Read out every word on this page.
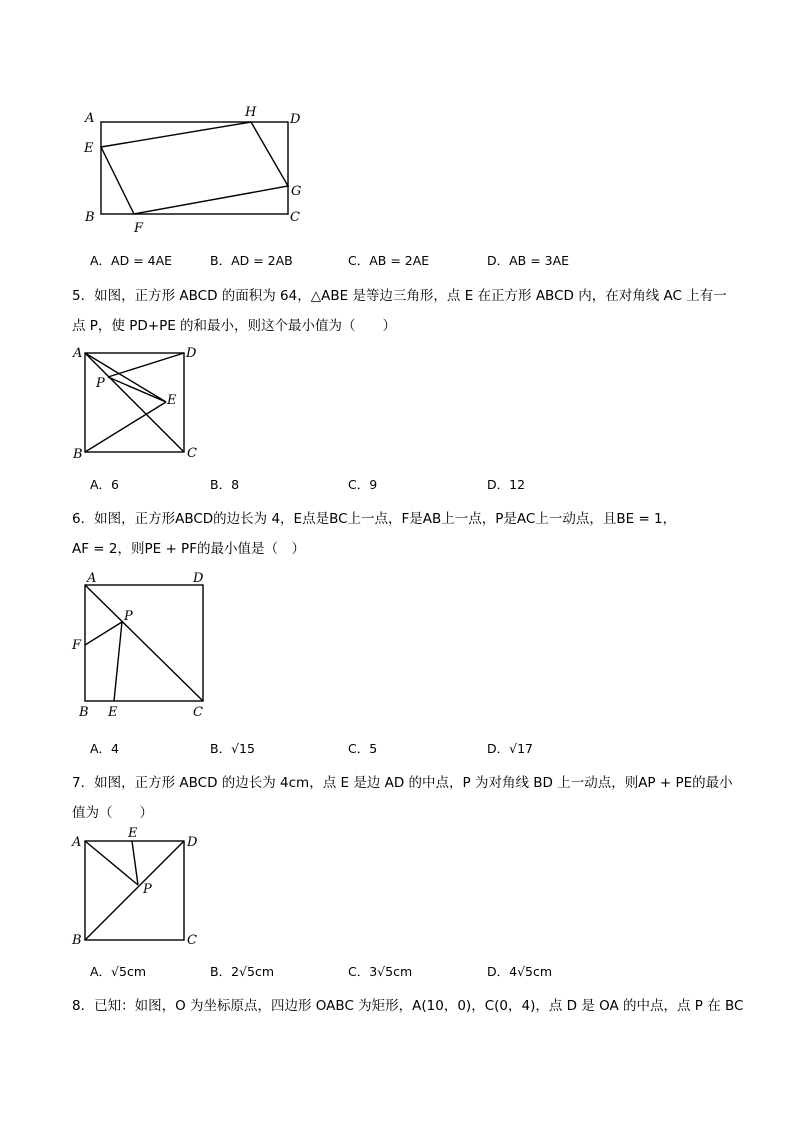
A
E
B
F
H	D
G
C
A．AD = 4AE	B．AD = 2AB	C．AB = 2AE	D．AB = 3AE
5．如图，正方形 ABCD 的面积为 64，△ABE 是等边三角形，点 E 在正方形 ABCD 内，在对角线 AC 上有一
点 P，使 PD+PE 的和最小，则这个最小值为（　　）
A	D
P
E
B	C
A．6	B．8	C．9	D．12
6．如图，正方形ABCD的边长为 4，E点是BC上一点，F是AB上一点，P是AC上一动点，且BE = 1，
AF = 2，则PE + PF的最小值是（　）
A	D
P
F
B E	C
A．4	B．√15	C．5	D．√17
7．如图，正方形 ABCD 的边长为 4cm，点 E 是边 AD 的中点，P 为对角线 BD 上一动点，则AP + PE的最小
值为（　　）
A
E
D
P
B	C
A．√5cm	B．2√5cm	C．3√5cm	D．4√5cm
8．已知：如图，O 为坐标原点，四边形 OABC 为矩形，A(10，0)，C(0，4)，点 D 是 OA 的中点，点 P 在 BC
